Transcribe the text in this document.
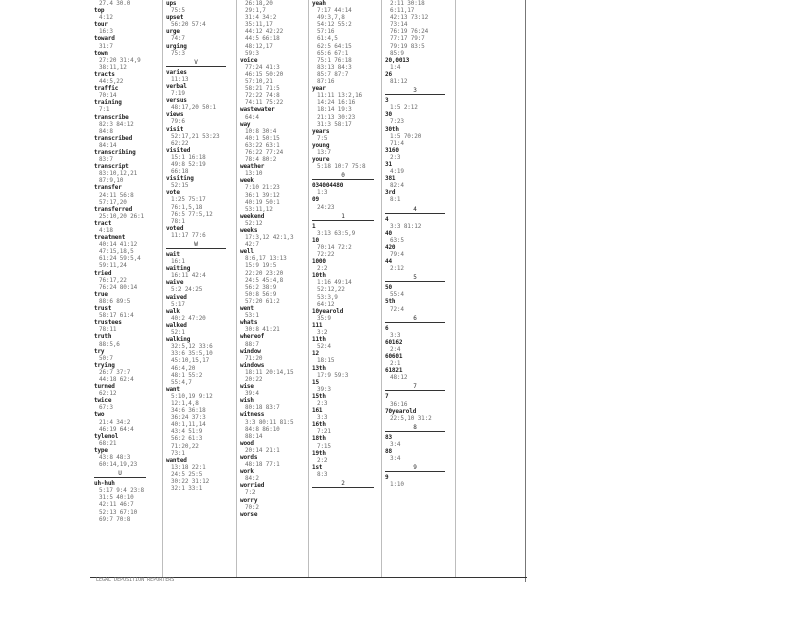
27.4 30.0
top
4:12
tour
16:3
toward
31:7
town
27:20 31:4,9
38:11,12
tracts
44:5,22
traffic
70:14
training
7:1
transcribe
82:3 84:12
84:8
transcribed
84:14
transcribing
83:7
transcript
83:10,12,21
87:9,10
transfer
24:11 56:8
57:17,20
transferred
25:10,20 26:1
tract
4:18
treatment
40:14 41:12
47:15,18,5
61:24 59:5,4
59:11,24
tried
76:17,22
76:24 80:14
true
88:6 89:5
trust
58:17 61:4
trustees
78:11
truth
88:5,6
try
50:7
trying
26:7 37:7
44:18 62:4
turned
62:12
twice
67:3
two
21:4 34:2
46:19 64:4
tylenol
68:21
type
43:8 48:3
60:14,19,23
U
uh-huh
5:17 9:4 23:8
31:5 40:10
42:11 46:7
52:13 67:10
69:7 70:8
ups
75:5
upset
56:20 57:4
urge
74:7
urging
75:3
V
varies
11:13
verbal
7:19
versus
48:17,20 50:1
views
79:6
visit
52:17,21 53:23
62:22
visited
15:1 16:18
49:8 52:19
66:18
visiting
52:15
vote
1:25 75:17
76:1,5,18
76:5 77:5,12
78:1
voted
11:17 77:6
W
wait
16:1
waiting
16:11 42:4
waive
5:2 24:25
waived
5:17
walk
40:2 47:20
walked
52:1
walking
32:5,12 33:6
33:6 35:5,10
45:10,15,17
46:4,20
48:1 55:2
55:4,7
want
5:10,19 9:12
12:1,4,8
34:6 36:18
36:24 37:3
40:1,11,14
43:4 51:9
56:2 61:3
71:20,22
73:1
wanted
13:18 22:1
24:5 25:5
30:22 31:12
32:1 33:1
26:18,20
29:1,7
31:4 34:2
35:11,17
44:12 42:22
44:5 66:18
48:12,17
59:3
voice
77:24 41:3
46:15 50:20
57:10,21
58:21 71:5
72:22 74:8
74:11 75:22
wastewater
64:4
way
10:8 30:4
40:1 50:15
63:22 63:1
76:22 77:24
78:4 80:2
weather
13:10
week
7:10 21:23
36:1 39:12
40:19 50:1
53:11,12
weekend
52:12
weeks
17:3,12 42:1,3
42:7
well
8:6,17 13:13
15:9 19:5
22:20 23:20
24:5 45:4,8
56:2 38:9
50:8 56:9
57:20 61:2
went
53:1
whats
30:8 41:21
whereof
88:7
window
71:20
windows
18:11 20:14,15
20:22
wise
39:4
wish
80:18 83:7
witness
3:3 80:11 81:5
84:8 86:10
88:14
wood
20:14 21:1
words
48:18 77:1
work
84:2
worried
7:2
worry
70:2
worse
yeah
7:17 44:14
49:3,7,8
54:12 55:2
57:16
61:4,5
62:5 64:15
65:6 67:1
75:1 76:18
83:13 84:3
85:7 87:7
87:16
year
11:11 13:2,16
14:24 16:16
18:14 19:3
21:13 30:23
31:3 58:17
years
7:5
young
13:7
youre
5:18 10:7 75:8
0
034004480
1:3
09
24:23
1
1
3:13 63:5,9
10
70:14 72:2
72:22
1000
2:2
10th
1:16 49:14
52:12,22
53:3,9
64:12
10yearold
35:9
111
3:2
11th
52:4
12
18:15
13th
17:9 59:3
15
39:3
15th
2:3
161
3:3
16th
7:21
18th
7:15
19th
2:2
1st
8:3
2
2:11 30:18
6:11,17
42:13 73:12
73:14
76:19 76:24
77:17 79:7
79:19 83:5
85:9
20,0013
1:4
26
81:12
3
3
1:5 2:12
30
7:23
30th
1:5 70:20
71:4
3160
2:3
31
4:19
381
82:4
3rd
8:1
4
4
3:3 81:12
40
63:5
420
79:4
44
2:12
5
50
55:4
5th
72:4
6
6
3:3
60162
2:4
60601
2:1
61821
48:12
7
7
36:16
70yearold
22:5,10 31:2
8
83
3:4
88
3:4
9
9
1:10
LEGAL DEPOSITION REPORTERS
